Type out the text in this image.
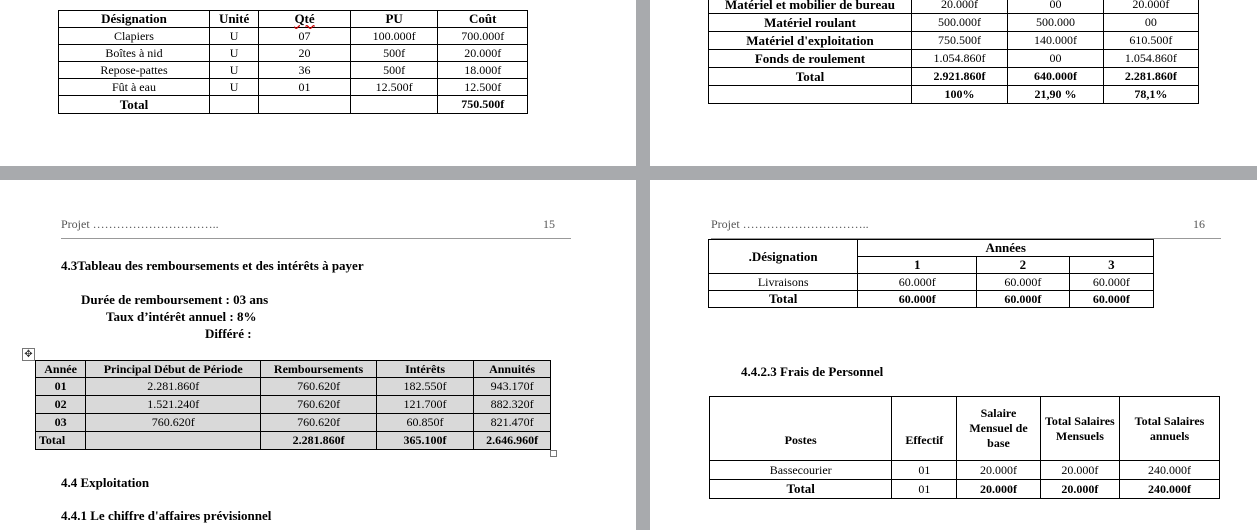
Désignation	Unité	Qté	PU	Coût
Clapiers	U	07	100.000f	700.000f
Boîtes à nid	U	20	500f	20.000f
Repose-pattes	U	36	500f	18.000f
Fût à eau	U	01	12.500f	12.500f
Total				750.500f
Matériel et mobilier de bureau	20.000f	00	20.000f
Matériel roulant	500.000f	500.000	00
Matériel d'exploitation	750.500f	140.000f	610.500f
Fonds de roulement	1.054.860f	00	1.054.860f
Total	2.921.860f	640.000f	2.281.860f
	100%	21,90 %	78,1%
Projet …………………………..	15
4.3Tableau des remboursements et des intérêts à payer
Durée de remboursement : 03 ans
Taux d’intérêt annuel : 8%
Différé :
✥
Année	Principal Début de Période	Remboursements	Intérêts	Annuités
01	2.281.860f	760.620f	182.550f	943.170f
02	1.521.240f	760.620f	121.700f	882.320f
03	760.620f	760.620f	60.850f	821.470f
Total		2.281.860f	365.100f	2.646.960f
4.4 Exploitation
4.4.1 Le chiffre d'affaires prévisionnel
Projet …………………………..	16
.Désignation	Années		
	1	2	3
Livraisons	60.000f	60.000f	60.000f
Total	60.000f	60.000f	60.000f
4.4.2.3 Frais de Personnel
Postes	Effectif	Salaire Mensuel de base	Total Salaires Mensuels	Total Salaires annuels
Bassecourier	01	20.000f	20.000f	240.000f
Total	01	20.000f	20.000f	240.000f
